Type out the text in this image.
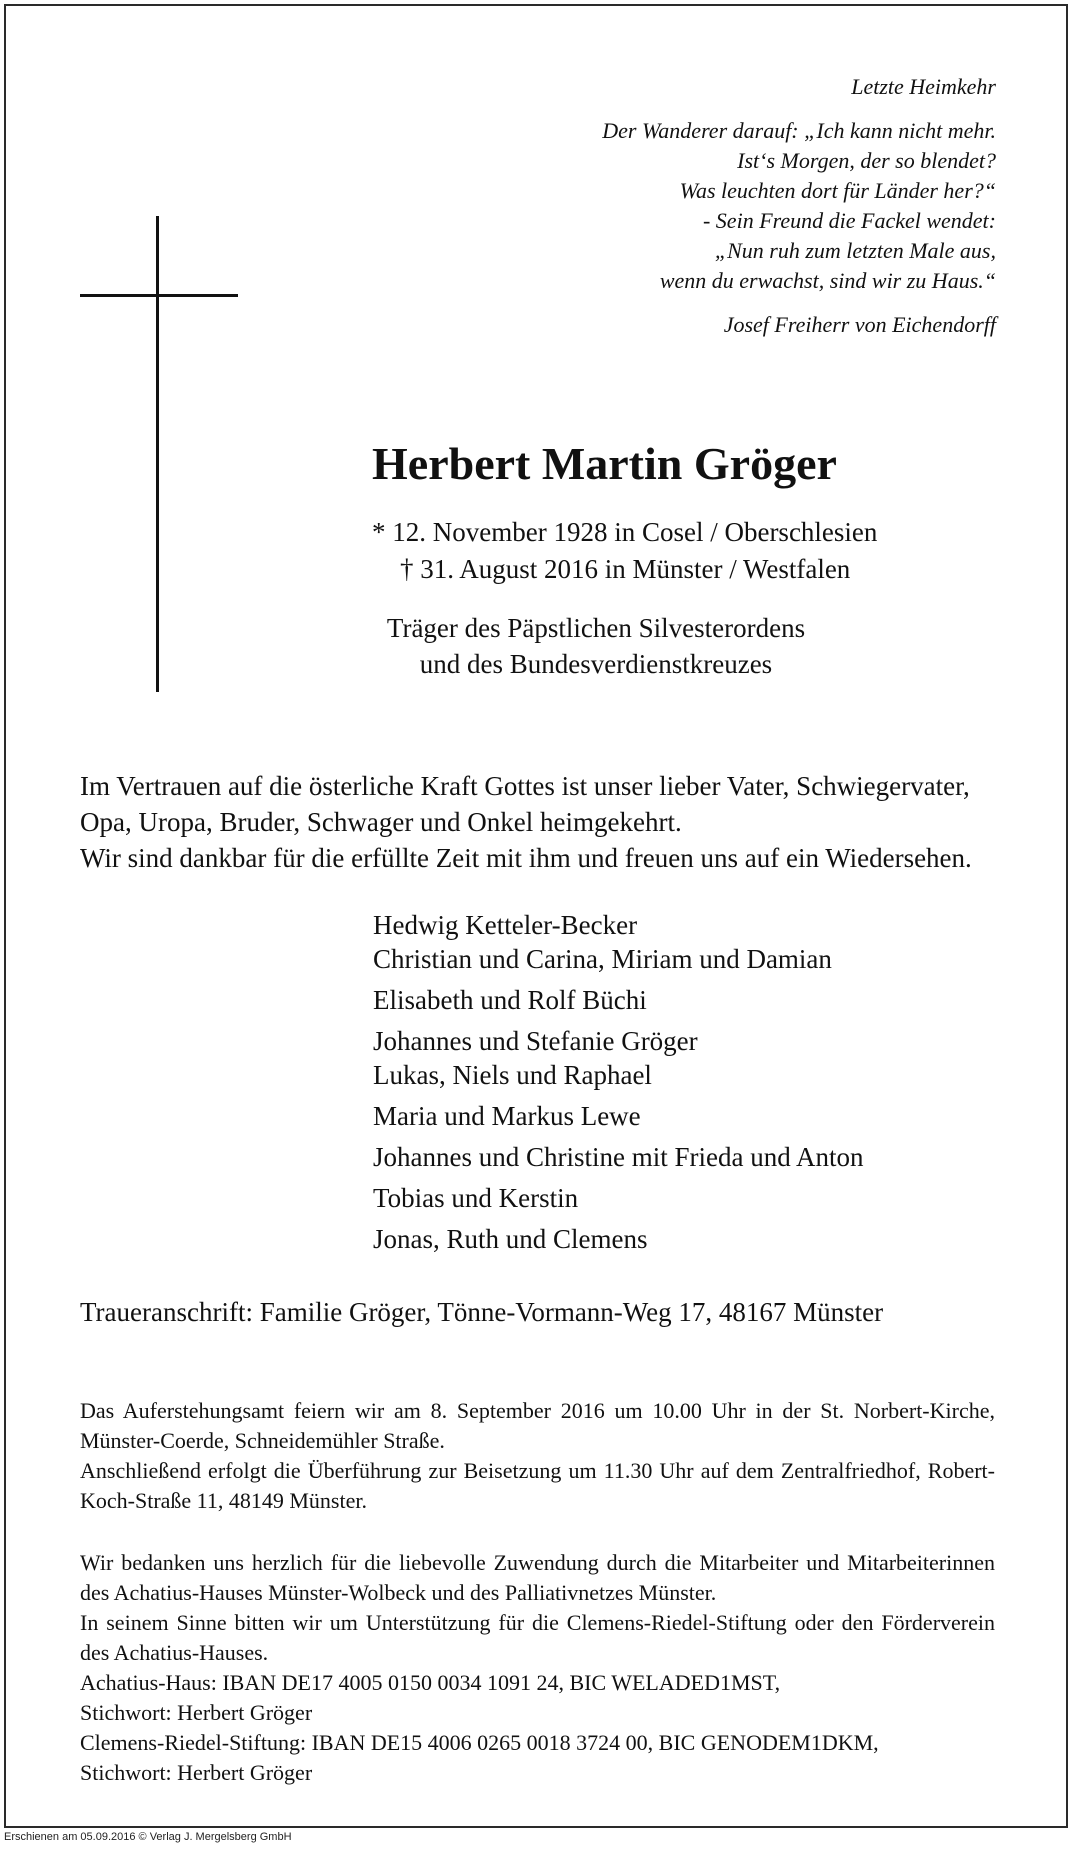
Letzte Heimkehr
Der Wanderer darauf: „Ich kann nicht mehr.
Ist‘s Morgen, der so blendet?
Was leuchten dort für Länder her?“
- Sein Freund die Fackel wendet:
„Nun ruh zum letzten Male aus,
wenn du erwachst, sind wir zu Haus.“
Josef Freiherr von Eichendorff
Herbert Martin Gröger
* 12. November 1928 in Cosel / Oberschlesien
† 31. August 2016 in Münster / Westfalen
Träger des Päpstlichen Silvesterordens
und des Bundesverdienstkreuzes
Im Vertrauen auf die österliche Kraft Gottes ist unser lieber Vater, Schwiegervater,
Opa, Uropa, Bruder, Schwager und Onkel heimgekehrt.
Wir sind dankbar für die erfüllte Zeit mit ihm und freuen uns auf ein Wiedersehen.
Hedwig Ketteler-Becker
Christian und Carina, Miriam und Damian
Elisabeth und Rolf Büchi
Johannes und Stefanie Gröger
Lukas, Niels und Raphael
Maria und Markus Lewe
Johannes und Christine mit Frieda und Anton
Tobias und Kerstin
Jonas, Ruth und Clemens
Traueranschrift: Familie Gröger, Tönne-Vormann-Weg 17, 48167 Münster

Das Auferstehungsamt feiern wir am 8. September 2016 um 10.00 Uhr in der St. Norbert-Kirche, Münster-Coerde, Schneidemühler Straße.

Anschließend erfolgt die Überführung zur Beisetzung um 11.30 Uhr auf dem Zentralfriedhof, Robert-Koch-Straße 11, 48149 Münster.

Wir bedanken uns herzlich für die liebevolle Zuwendung durch die Mitarbeiter und Mitarbeiterinnen des Achatius-Hauses Münster-Wolbeck und des Palliativnetzes Münster.

In seinem Sinne bitten wir um Unterstützung für die Clemens-Riedel-Stiftung oder den Förderverein des Achatius-Hauses.

Achatius-Haus: IBAN DE17 4005 0150 0034 1091 24, BIC WELADED1MST,

Stichwort: Herbert Gröger

Clemens-Riedel-Stiftung: IBAN DE15 4006 0265 0018 3724 00, BIC GENODEM1DKM,

Stichwort: Herbert Gröger

Erschienen am 05.09.2016 © Verlag J. Mergelsberg GmbH
